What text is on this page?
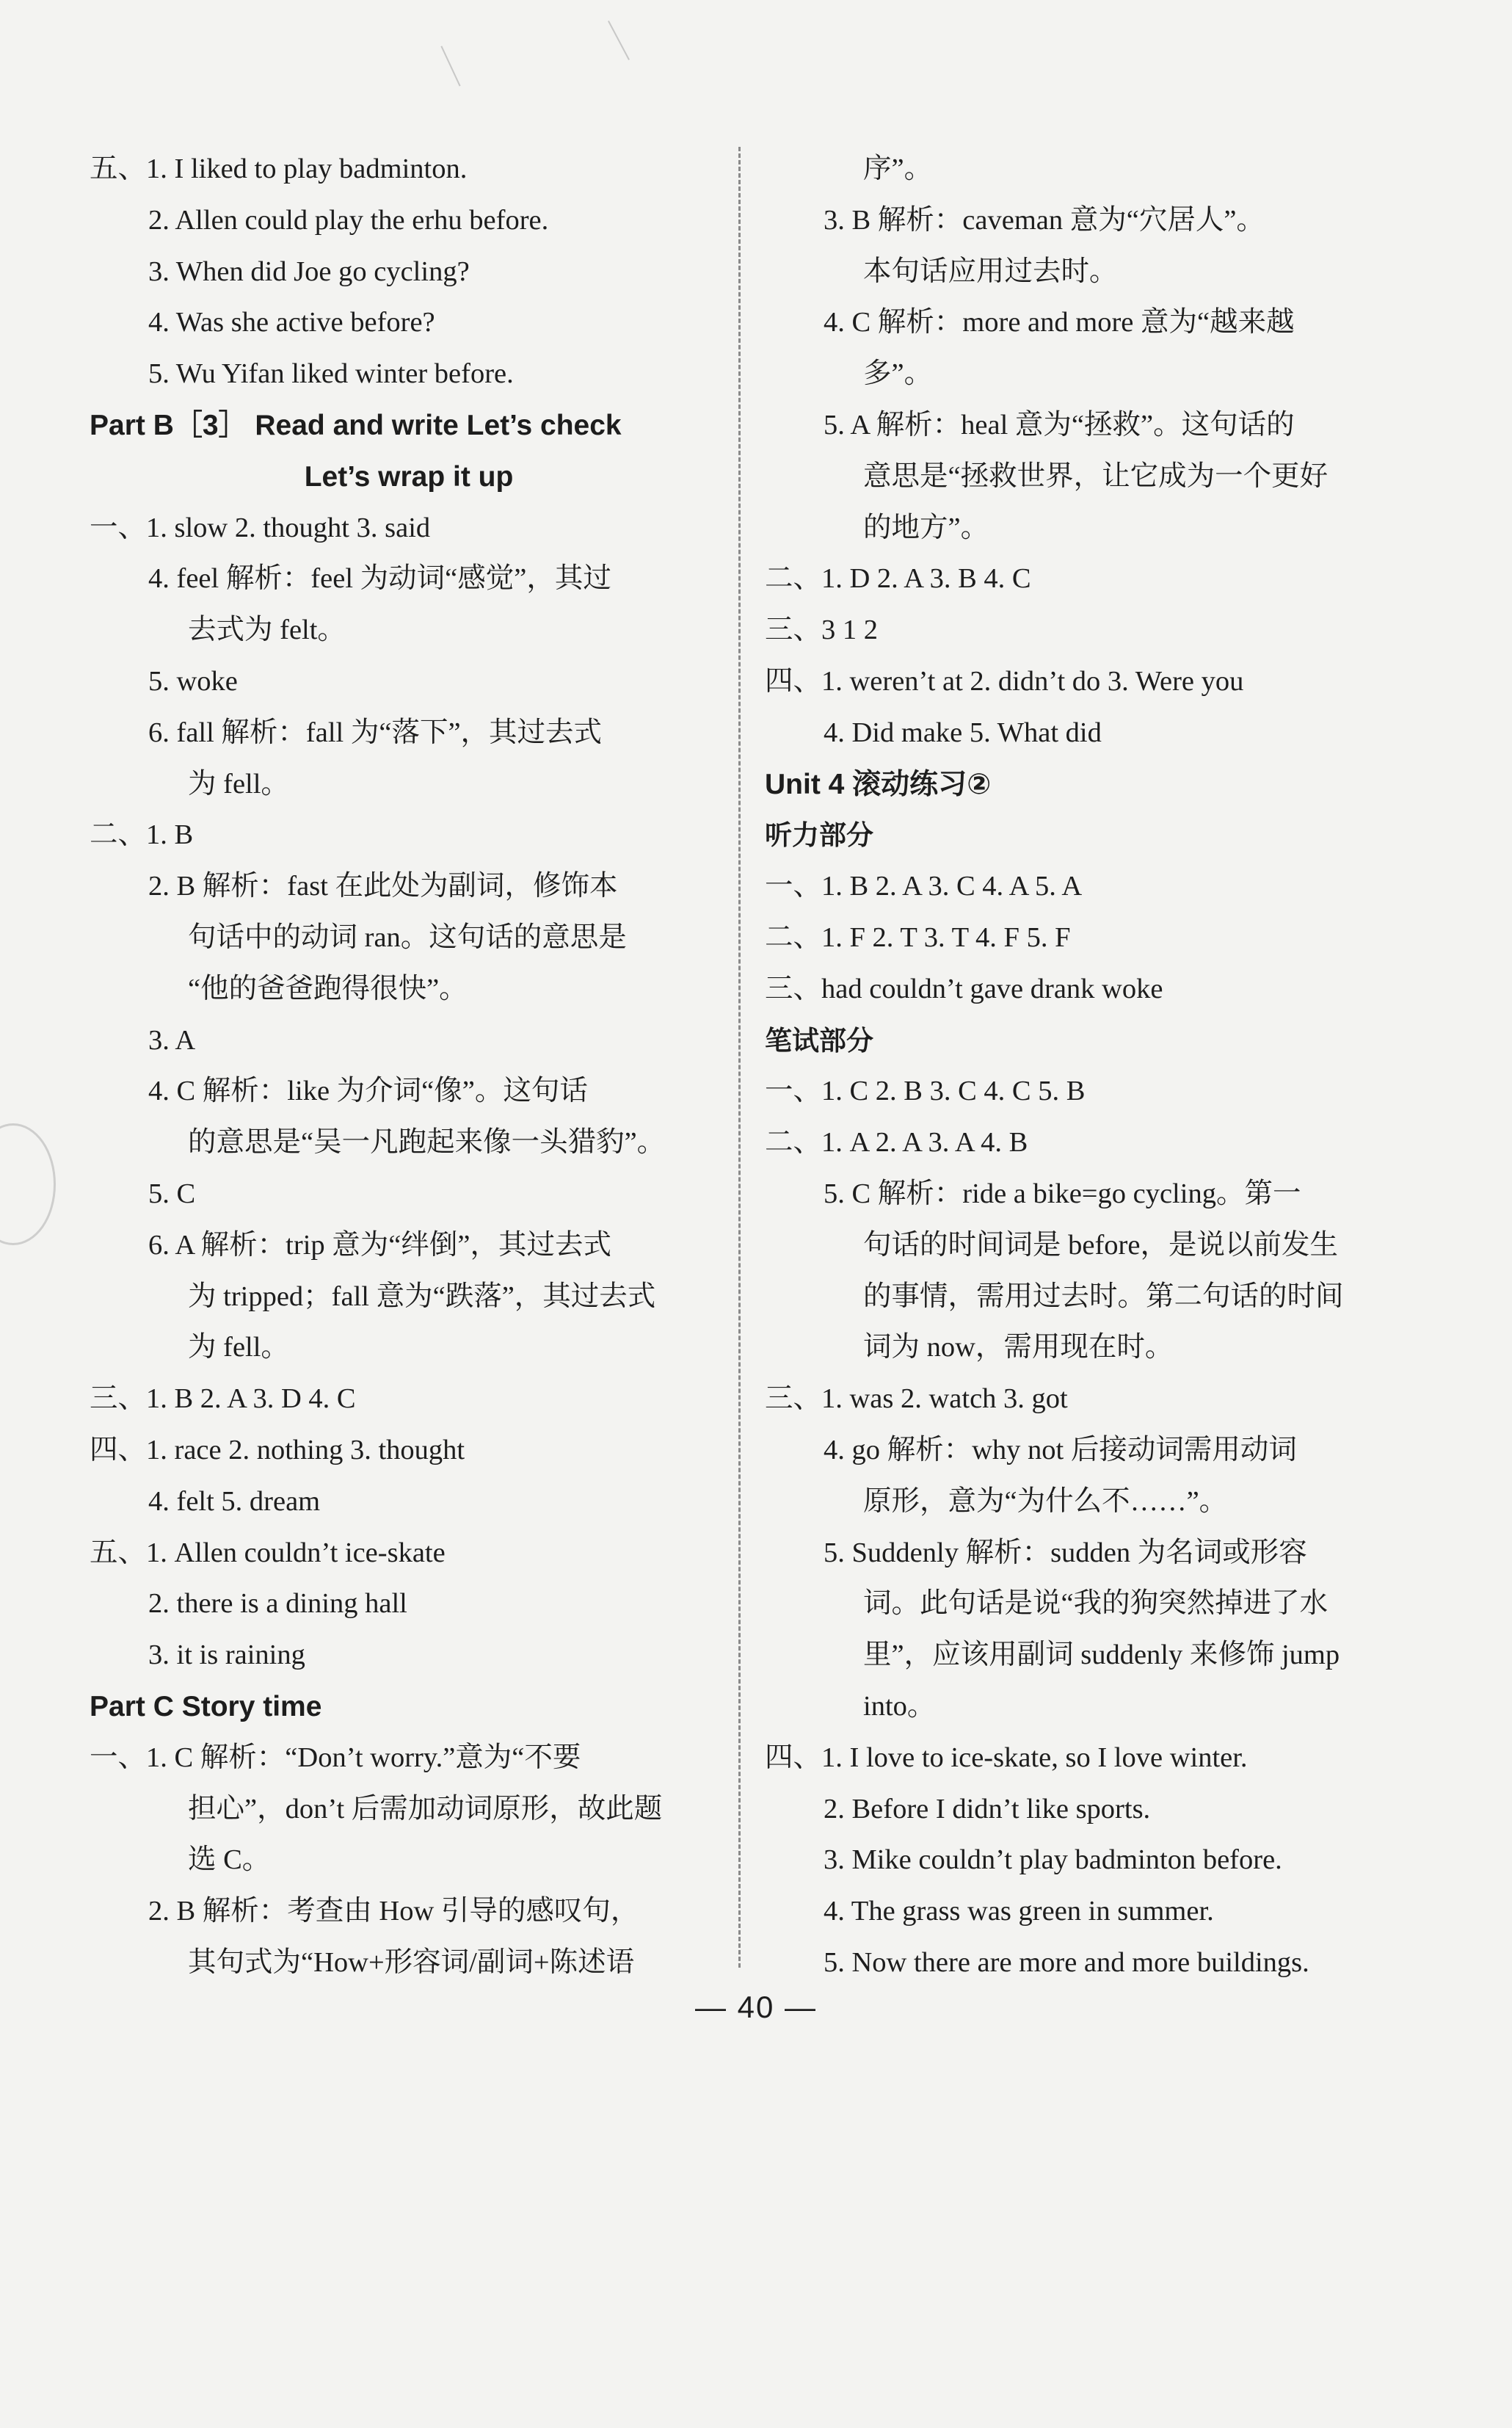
五、1. I liked to play badminton.
2. Allen could play the erhu before.
3. When did Joe go cycling?
4. Was she active before?
5. Wu Yifan liked winter before.
Part B［3］ Read and write Let’s check
Let’s wrap it up
一、1. slow 2. thought 3. said
4. feel 解析：feel 为动词“感觉”，其过
去式为 felt。
5. woke
6. fall 解析：fall 为“落下”，其过去式
为 fell。
二、1. B
2. B 解析：fast 在此处为副词，修饰本
句话中的动词 ran。这句话的意思是
“他的爸爸跑得很快”。
3. A
4. C 解析：like 为介词“像”。这句话
的意思是“吴一凡跑起来像一头猎豹”。
5. C
6. A 解析：trip 意为“绊倒”，其过去式
为 tripped；fall 意为“跌落”，其过去式
为 fell。
三、1. B 2. A 3. D 4. C
四、1. race 2. nothing 3. thought
4. felt 5. dream
五、1. Allen couldn’t ice-skate
2. there is a dining hall
3. it is raining
Part C Story time
一、1. C 解析：“Don’t worry.”意为“不要
担心”，don’t 后需加动词原形，故此题
选 C。
2. B 解析：考查由 How 引导的感叹句，
其句式为“How+形容词/副词+陈述语
序”。
3. B 解析：caveman 意为“穴居人”。
本句话应用过去时。
4. C 解析：more and more 意为“越来越
多”。
5. A 解析：heal 意为“拯救”。这句话的
意思是“拯救世界，让它成为一个更好
的地方”。
二、1. D 2. A 3. B 4. C
三、3 1 2
四、1. weren’t at 2. didn’t do 3. Were you
4. Did make 5. What did
Unit 4 滚动练习②
听力部分
一、1. B 2. A 3. C 4. A 5. A
二、1. F 2. T 3. T 4. F 5. F
三、had couldn’t gave drank woke
笔试部分
一、1. C 2. B 3. C 4. C 5. B
二、1. A 2. A 3. A 4. B
5. C 解析：ride a bike=go cycling。第一
句话的时间词是 before，是说以前发生
的事情，需用过去时。第二句话的时间
词为 now，需用现在时。
三、1. was 2. watch 3. got
4. go 解析：why not 后接动词需用动词
原形，意为“为什么不……”。
5. Suddenly 解析：sudden 为名词或形容
词。此句话是说“我的狗突然掉进了水
里”，应该用副词 suddenly 来修饰 jump
into。
四、1. I love to ice-skate, so I love winter.
2. Before I didn’t like sports.
3. Mike couldn’t play badminton before.
4. The grass was green in summer.
5. Now there are more and more buildings.
— 40 —
